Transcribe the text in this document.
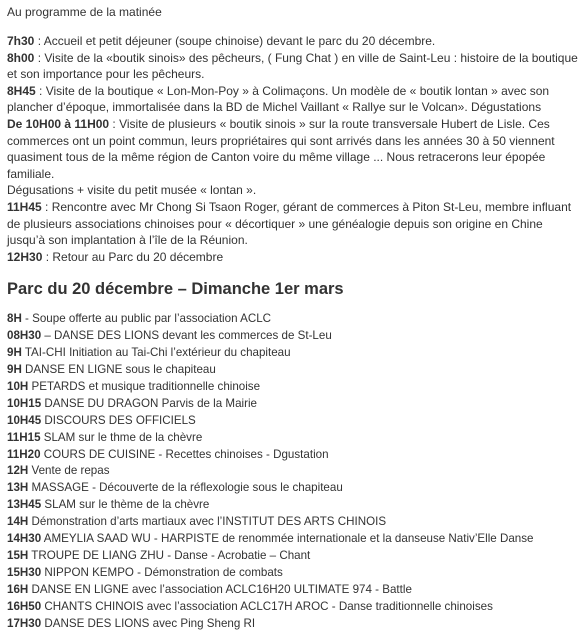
Au programme de la matinée

7h30 : Accueil et petit déjeuner (soupe chinoise) devant le parc du 20 décembre.

8h00 : Visite de la «boutik sinois» des pêcheurs, ( Fung Chat ) en ville de Saint-Leu : histoire de la boutique et son importance pour les pêcheurs.

8H45 : Visite de la boutique « Lon-Mon-Poy » à Colimaçons. Un modèle de « boutik lontan » avec son plancher d’époque, immortalisée dans la BD de Michel Vaillant « Rallye sur le Volcan». Dégustations

De 10H00 à 11H00 : Visite de plusieurs « boutik sinois » sur la route transversale Hubert de Lisle. Ces commerces ont un point commun, leurs propriétaires qui sont arrivés dans les années 30 à 50 viennent quasiment tous de la même région de Canton voire du même village ... Nous retracerons leur épopée familiale.
Dégusations + visite du petit musée « lontan ».

11H45 : Rencontre avec Mr Chong Si Tsaon Roger, gérant de commerces à Piton St-Leu, membre influant de plusieurs associations chinoises pour « décortiquer » une généalogie depuis son origine en Chine jusqu’à son implantation à l’île de la Réunion.

12H30 : Retour au Parc du 20 décembre

Parc du 20 décembre – Dimanche 1er mars
8H - Soupe offerte au public par l’association ACLC
08H30 – DANSE DES LIONS devant les commerces de St-Leu
9H TAI-CHI Initiation au Tai-Chi l’extérieur du chapiteau
9H DANSE EN LIGNE sous le chapiteau
10H PETARDS et musique traditionnelle chinoise
10H15 DANSE DU DRAGON Parvis de la Mairie
10H45 DISCOURS DES OFFICIELS
11H15 SLAM sur le thme de la chèvre
11H20 COURS DE CUISINE - Recettes chinoises - Dgustation
12H Vente de repas
13H MASSAGE - Découverte de la réflexologie sous le chapiteau
13H45 SLAM sur le thème de la chèvre
14H Démonstration d’arts martiaux avec l’INSTITUT DES ARTS CHINOIS
14H30 AMEYLIA SAAD WU - HARPISTE de renommée internationale et la danseuse Nativ’Elle Danse
15H TROUPE DE LIANG ZHU - Danse - Acrobatie – Chant
15H30 NIPPON KEMPO - Démonstration de combats
16H DANSE EN LIGNE avec l’association ACLC16H20 ULTIMATE 974 - Battle
16H50 CHANTS CHINOIS avec l’association ACLC17H AROC - Danse traditionnelle chinoises
17H30 DANSE DES LIONS avec Ping Sheng RI
